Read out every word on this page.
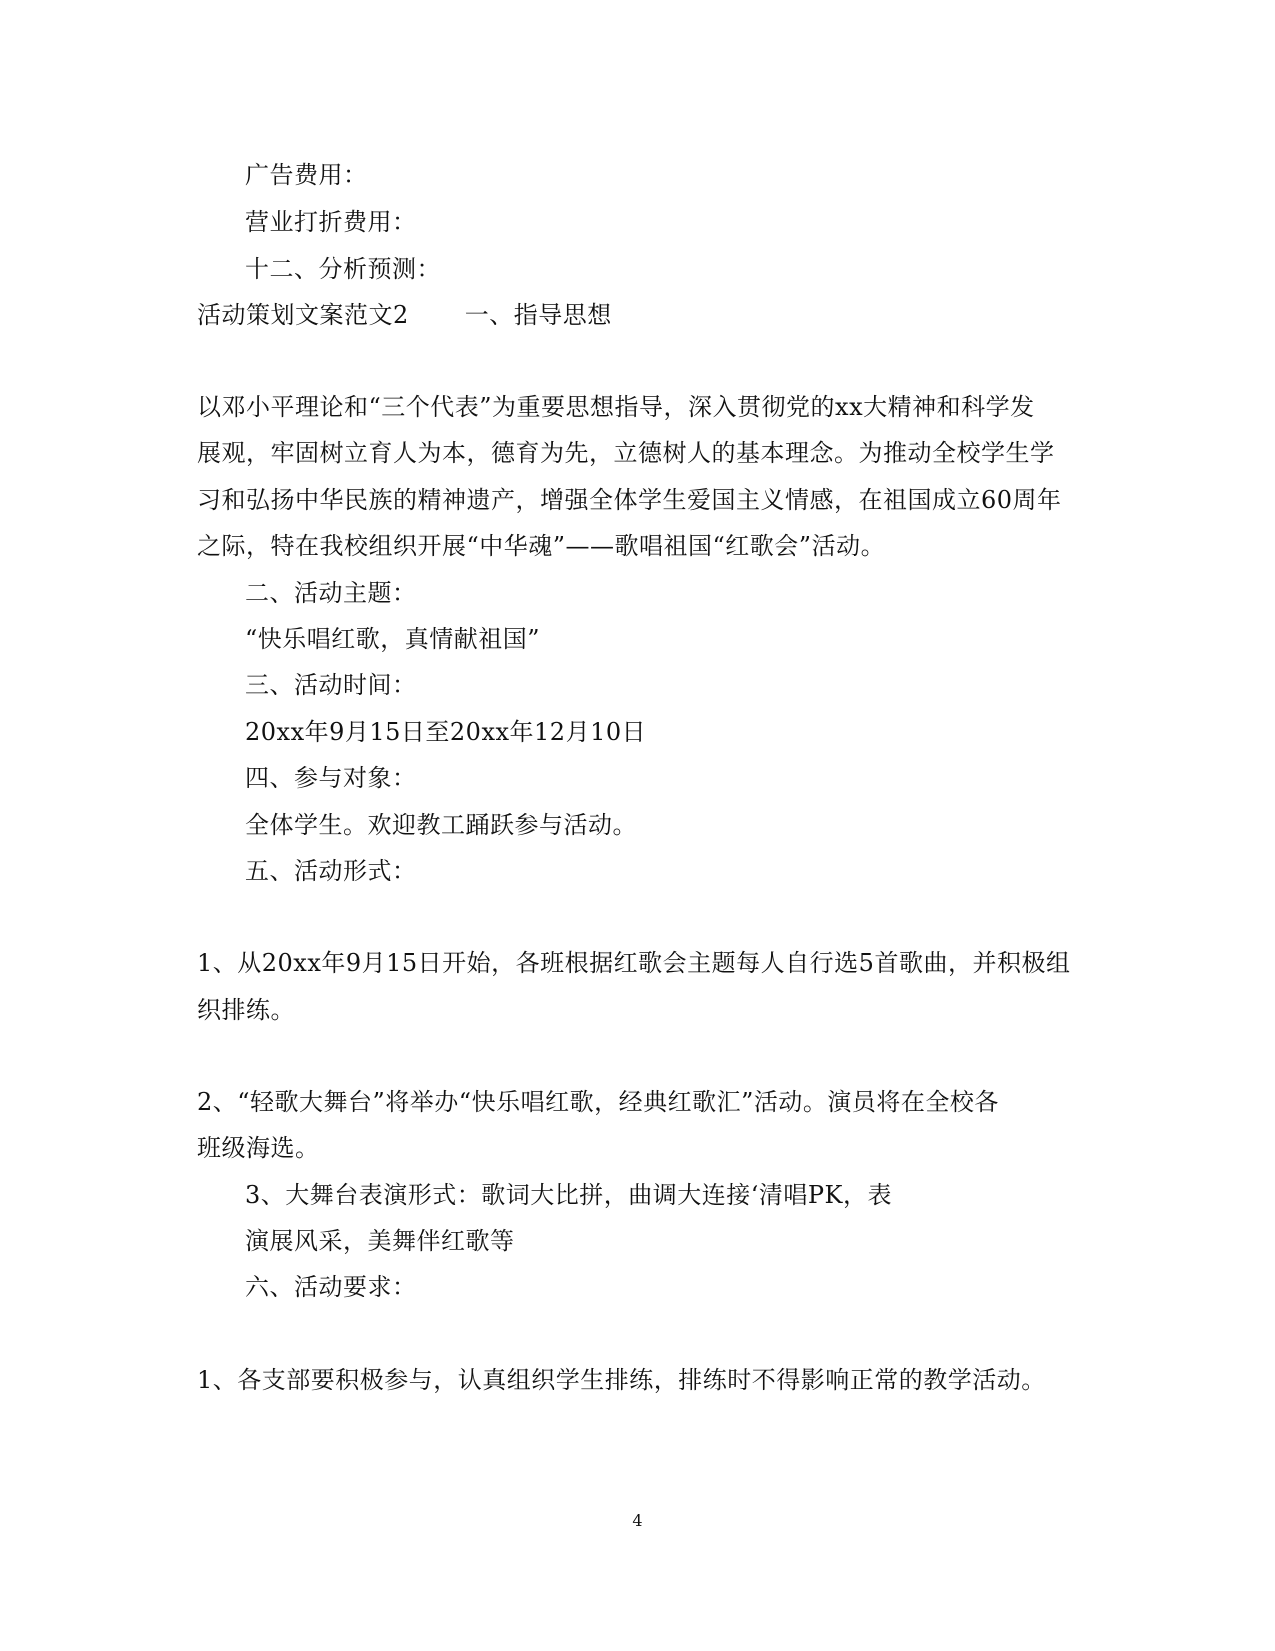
广告费用：
营业打折费用：
十二、分析预测：
活动策划文案范文2 一、指导思想
以邓小平理论和“三个代表”为重要思想指导，深入贯彻党的xx大精神和科学发
展观，牢固树立育人为本，德育为先，立德树人的基本理念。为推动全校学生学
习和弘扬中华民族的精神遗产，增强全体学生爱国主义情感，在祖国成立60周年
之际，特在我校组织开展“中华魂”——歌唱祖国“红歌会”活动。
二、活动主题：
“快乐唱红歌，真情献祖国”
三、活动时间：
20xx年9月15日至20xx年12月10日
四、参与对象：
全体学生。欢迎教工踊跃参与活动。
五、活动形式：
1、从20xx年9月15日开始，各班根据红歌会主题每人自行选5首歌曲，并积极组
织排练。
2、“轻歌大舞台”将举办“快乐唱红歌，经典红歌汇”活动。演员将在全校各
班级海选。
3、大舞台表演形式：歌词大比拼，曲调大连接‘清唱PK，表
演展风采，美舞伴红歌等
六、活动要求：
1、各支部要积极参与，认真组织学生排练，排练时不得影响正常的教学活动。
4
